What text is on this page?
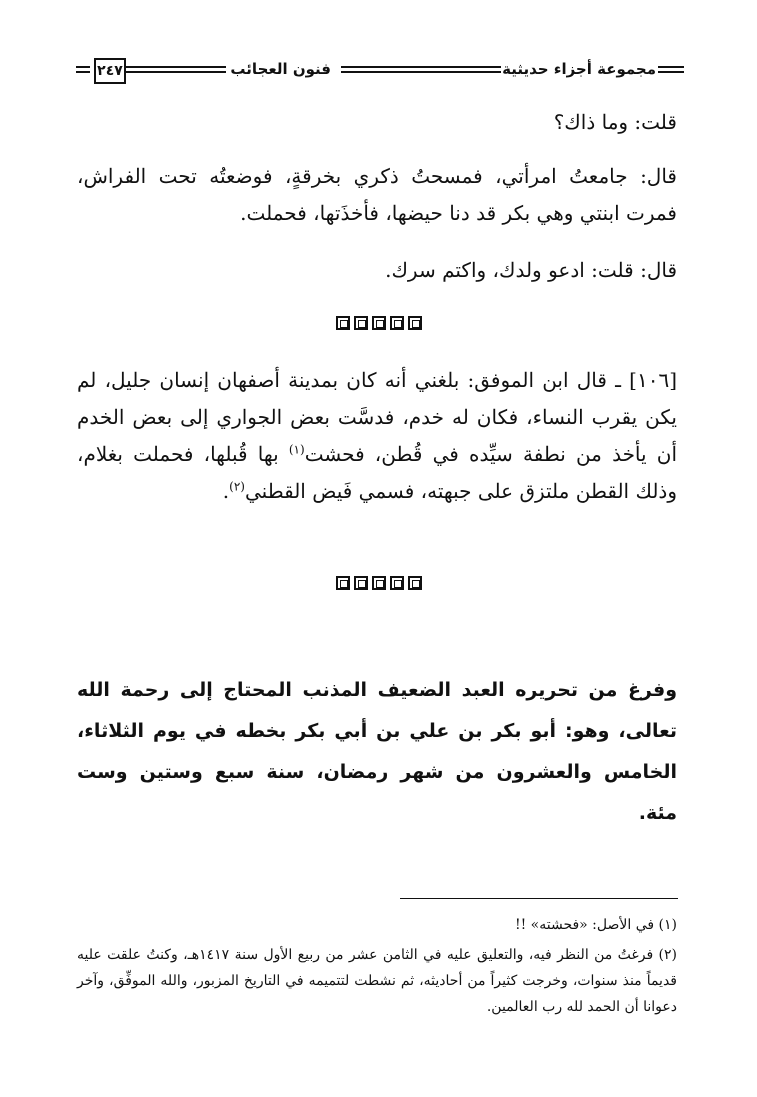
٢٤٧	فنون العجائب	مجموعة أجزاء حديثية

قلت: وما ذاك؟

قال: جامعتُ امرأتي، فمسحتُ ذكري بخرقةٍ، فوضعتُه تحت الفراش، فمرت ابنتي وهي بكر قد دنا حيضها، فأخذَتها، فحملت.

قال: قلت: ادعو ولدك، واكتم سرك.

[١٠٦] ـ قال ابن الموفق: بلغني أنه كان بمدينة أصفهان إنسان جليل، لم يكن يقرب النساء، فكان له خدم، فدسَّت بعض الجواري إلى بعض الخدم أن يأخذ من نطفة سيِّده في قُطن، فحشت$^{(١)}$ بها قُبلها، فحملت بغلام، وذلك القطن ملتزق على جبهته، فسمي فَيض القطني$^{(٢)}$.

وفرغ من تحريره العبد الضعيف المذنب المحتاج إلى رحمة الله تعالى، وهو: أبو بكر بن علي بن أبي بكر بخطه في يوم الثلاثاء، الخامس والعشرون من شهر رمضان، سنة سبع وستين وست مئة.

(١) في الأصل: «فحشته» !!

(٢) فرغتُ من النظر فيه، والتعليق عليه في الثامن عشر من ربيع الأول سنة ١٤١٧هـ، وكنتُ علقت عليه قديماً منذ سنوات، وخرجت كثيراً من أحاديثه، ثم نشطت لتتميمه في التاريخ المزبور، والله الموفِّق، وآخر دعوانا أن الحمد لله رب العالمين.
